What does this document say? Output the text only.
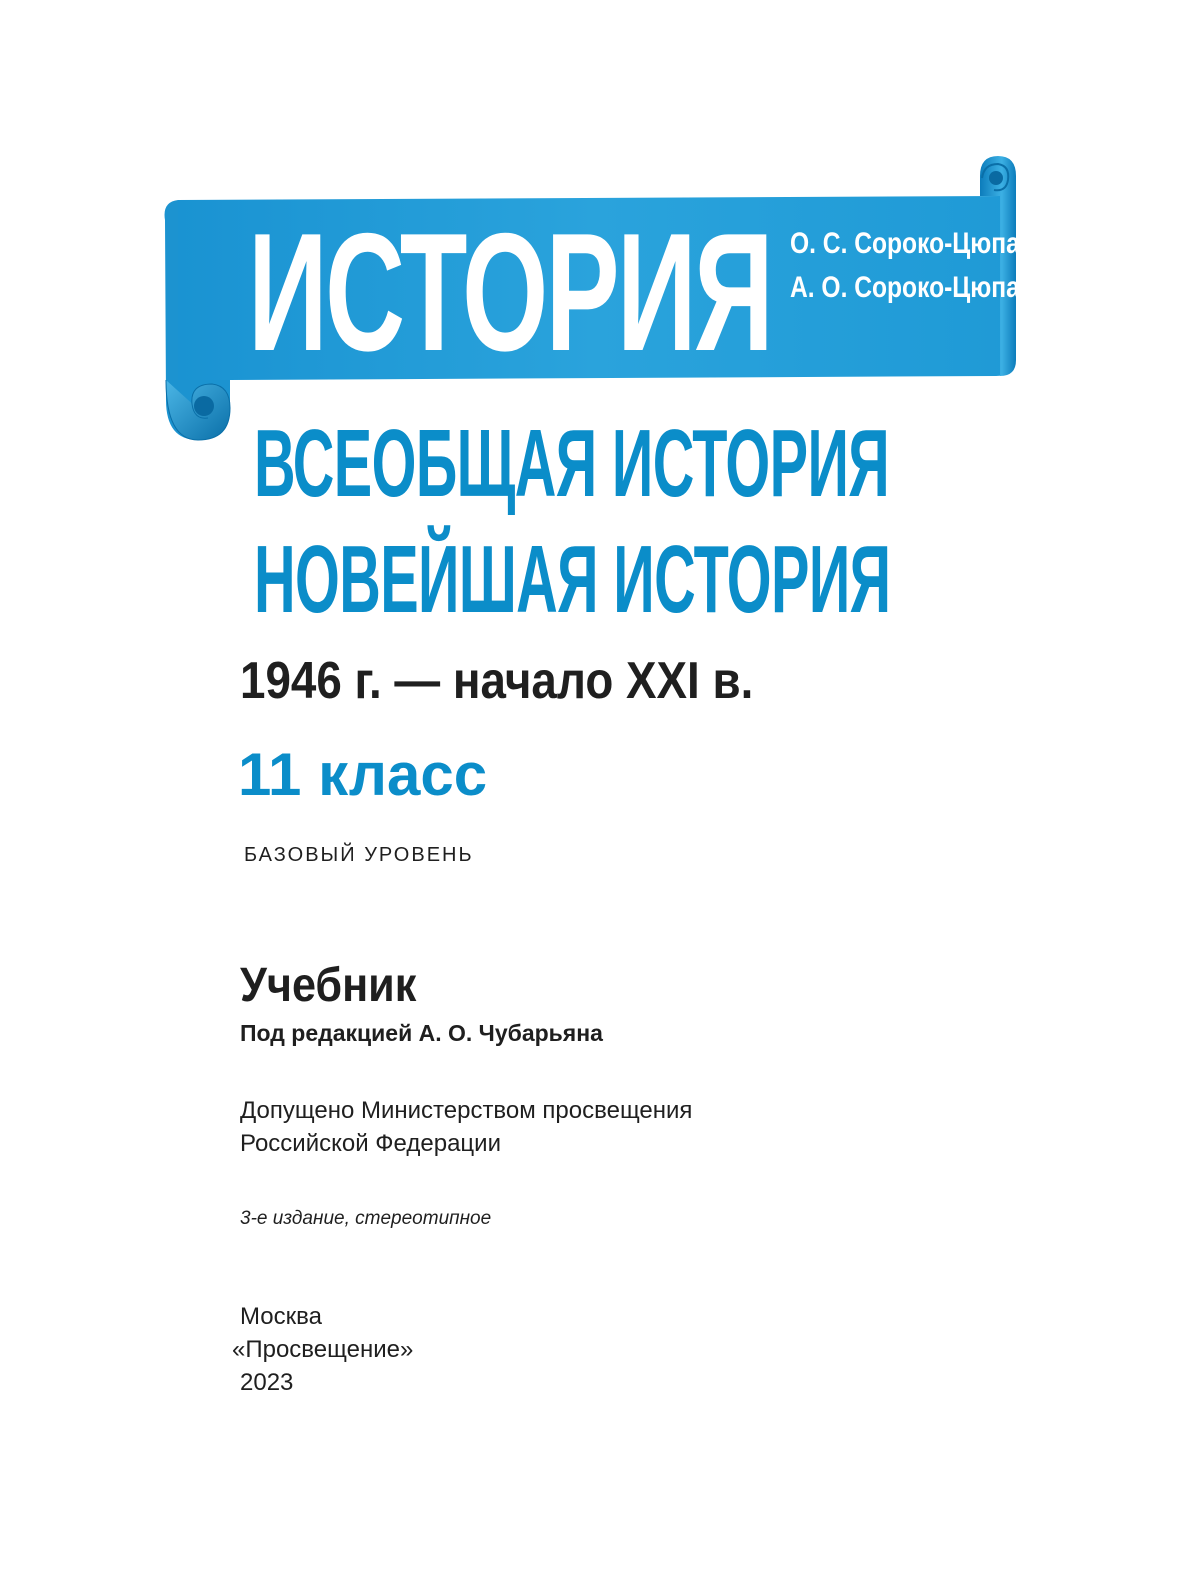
ИСТОРИЯ О. С. Сороко-Цюпа
А. О. Сороко-Цюпа
ВСЕОБЩАЯ ИСТОРИЯ
НОВЕЙШАЯ ИСТОРИЯ
1946 г. — начало XXI в.
11 класс
БАЗОВЫЙ УРОВЕНЬ
Учебник
Под редакцией А. О. Чубарьяна
Допущено Министерством просвещения
Российской Федерации
3-е издание, стереотипное
Москва
«Просвещение»
2023
